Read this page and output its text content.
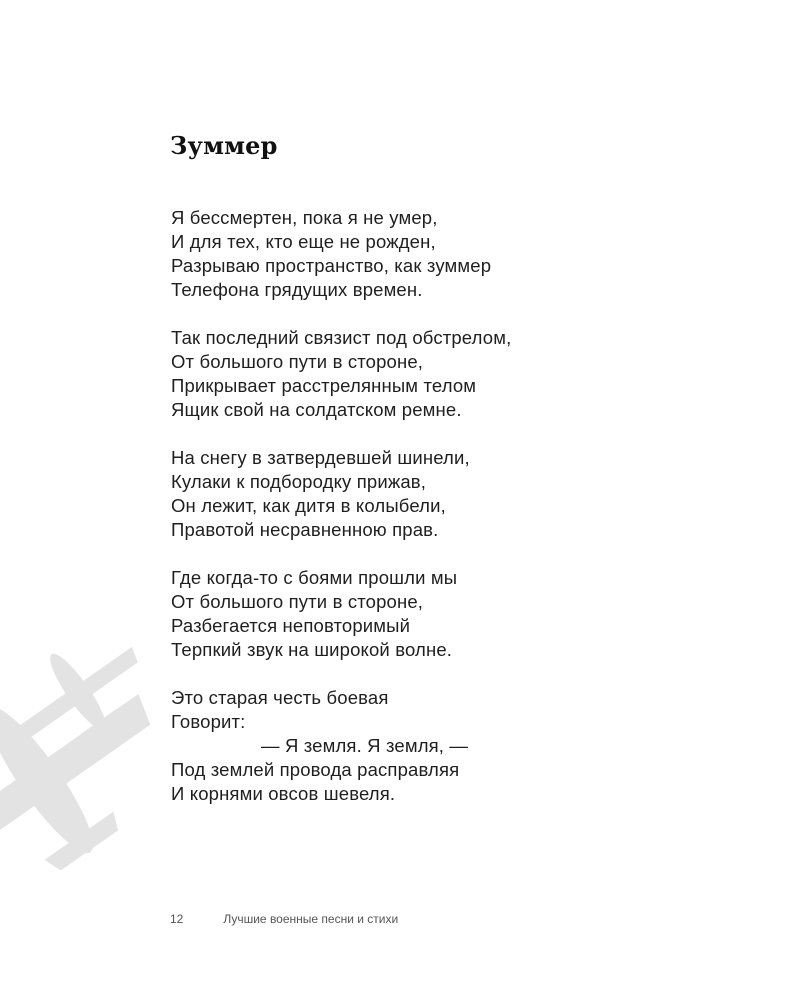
Зуммер
Я бессмертен, пока я не умер,
И для тех, кто еще не рожден,
Разрываю пространство, как зуммер
Телефона грядущих времен.
Так последний связист под обстрелом,
От большого пути в стороне,
Прикрывает расстрелянным телом
Ящик свой на солдатском ремне.
На снегу в затвердевшей шинели,
Кулаки к подбородку прижав,
Он лежит, как дитя в колыбели,
Правотой несравненною прав.
Где когда-то с боями прошли мы
От большого пути в стороне,
Разбегается неповторимый
Терпкий звук на широкой волне.
Это старая честь боевая
Говорит:
— Я земля. Я земля, —
Под землей провода расправляя
И корнями овсов шевеля.
12	Лучшие военные песни и стихи
